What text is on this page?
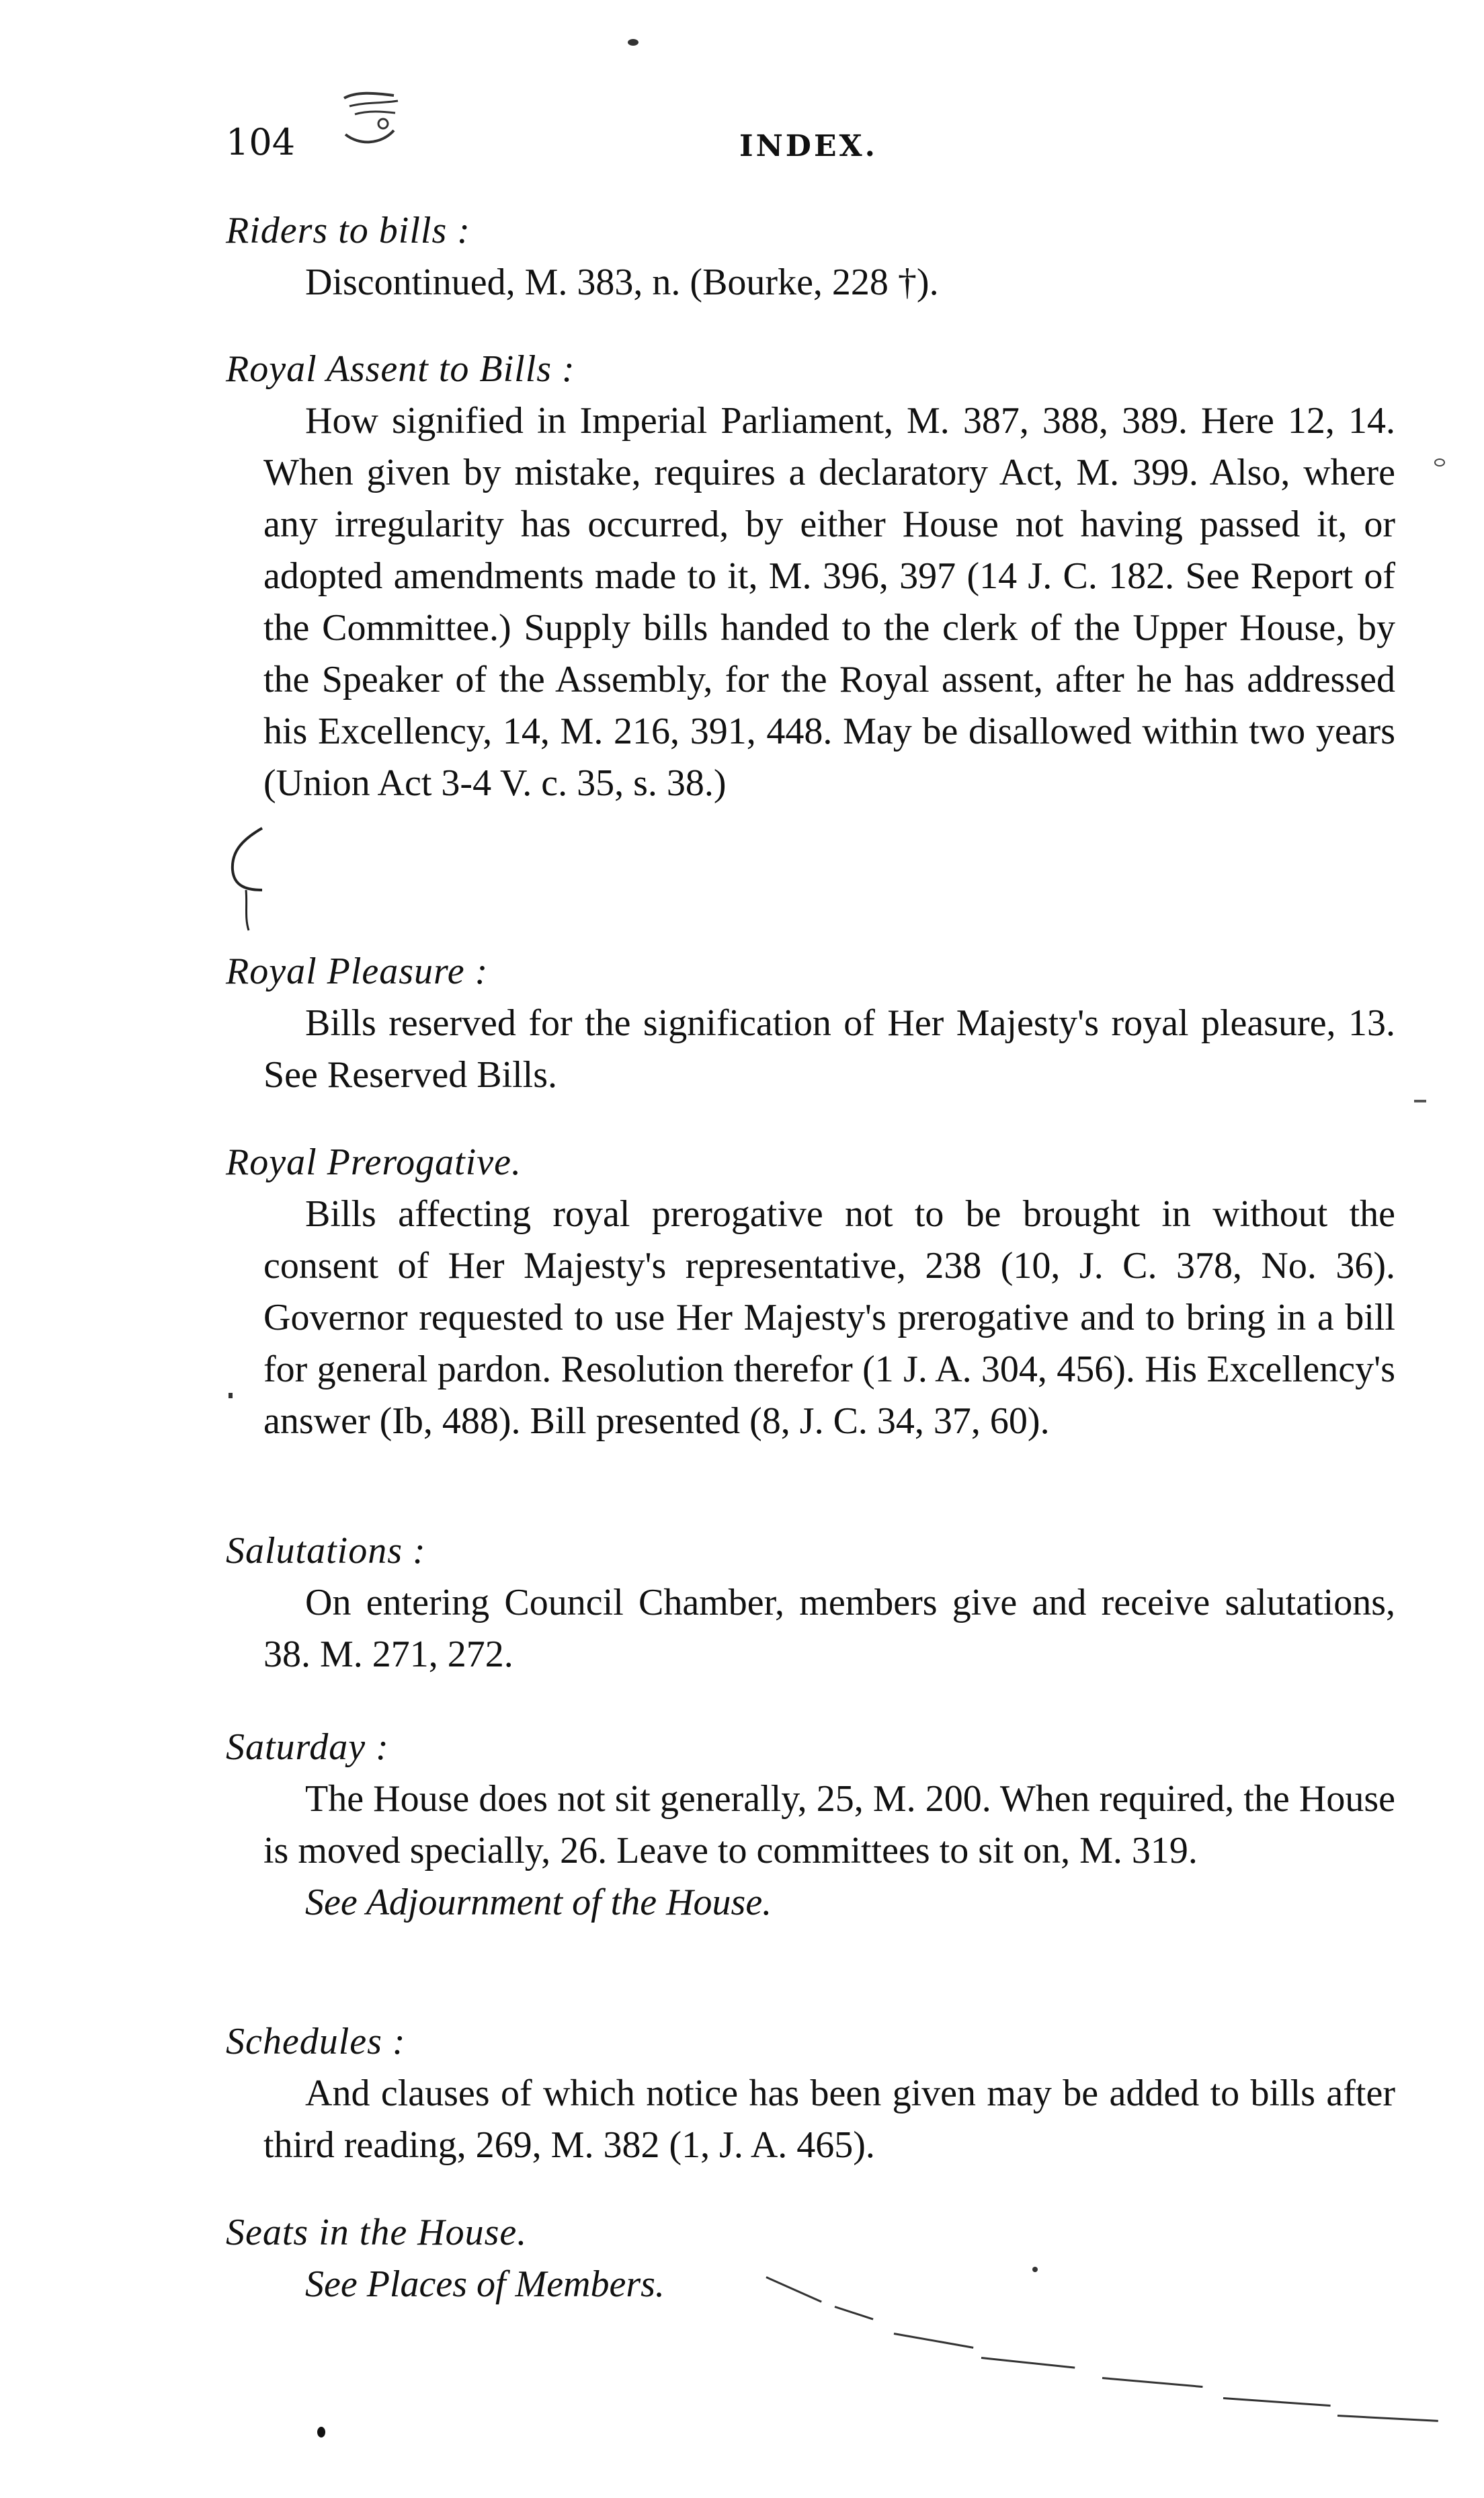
104	INDEX.
Riders to bills :
Discontinued, M. 383, n. (Bourke, 228 †).
Royal Assent to Bills :
How signified in Imperial Parliament, M. 387, 388, 389. Here 12, 14. When given by mistake, requires a declaratory Act, M. 399. Also, where any irregularity has occurred, by either House not having passed it, or adopted amendments made to it, M. 396, 397 (14 J. C. 182. See Report of the Committee.) Supply bills handed to the clerk of the Upper House, by the Speaker of the Assembly, for the Royal assent, after he has addressed his Excellency, 14, M. 216, 391, 448. May be disallowed within two years (Union Act 3-4 V. c. 35, s. 38.)
Royal Pleasure :
Bills reserved for the signification of Her Majesty's royal pleasure, 13. See Reserved Bills.
Royal Prerogative.
Bills affecting royal prerogative not to be brought in without the consent of Her Majesty's representative, 238 (10, J. C. 378, No. 36). Governor requested to use Her Majesty's prerogative and to bring in a bill for general pardon. Resolution therefor (1 J. A. 304, 456). His Excellency's answer (Ib, 488). Bill presented (8, J. C. 34, 37, 60).
Salutations :
On entering Council Chamber, members give and receive salutations, 38. M. 271, 272.
Saturday :
The House does not sit generally, 25, M. 200. When required, the House is moved specially, 26. Leave to committees to sit on, M. 319.
See Adjournment of the House.
Schedules :
And clauses of which notice has been given may be added to bills after third reading, 269, M. 382 (1, J. A. 465).
Seats in the House.
See Places of Members.
